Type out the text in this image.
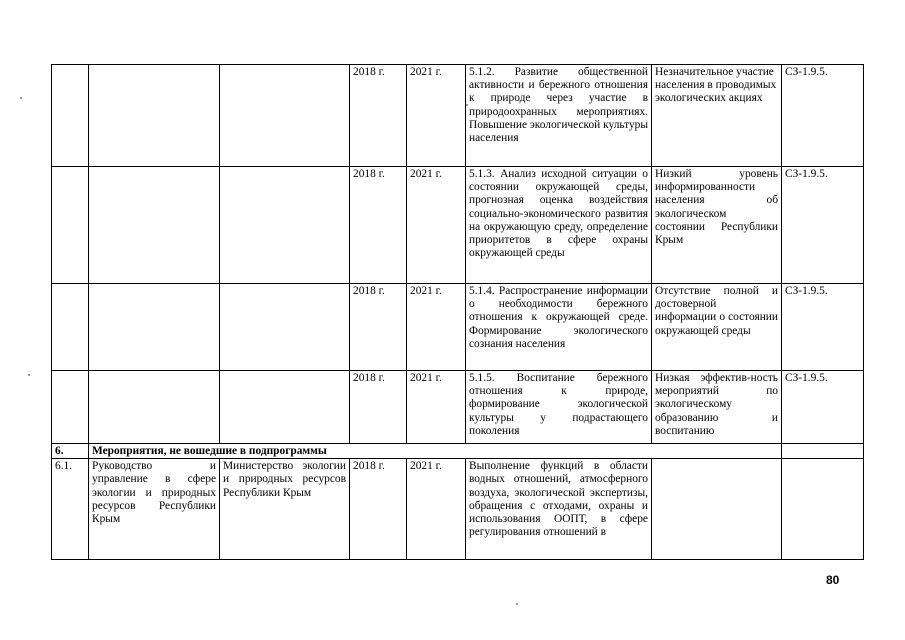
			2018 г.	2021 г.	5.1.2. Развитие общественной активности и бережного отношения к природе через участие в природоохранных мероприятиях. Повышение экологической культуры населения	Незначительное участие населения в проводимых экологических акциях	СЗ-1.9.5.
			2018 г.	2021 г.	5.1.3. Анализ исходной ситуации о состоянии окружающей среды, прогнозная оценка воздействия социально-экономического развития на окружающую среду, определение приоритетов в сфере охраны окружающей среды	Низкий уровень информированности населения об экологическом состоянии Республики Крым	СЗ-1.9.5.
			2018 г.	2021 г.	5.1.4. Распространение информации о необходимости бережного отношения к окружающей среде. Формирование экологического сознания населения	Отсутствие полной и достоверной информации о состоянии окружающей среды	СЗ-1.9.5.
			2018 г.	2021 г.	5.1.5. Воспитание бережного отношения к природе, формирование экологической культуры у подрастающего поколения	Низкая эффектив-ность мероприятий по экологическому образованию и воспитанию	СЗ-1.9.5.
6.	Мероприятия, не вошедшие в подпрограммы						
6.1.	Руководство и управление в сфере экологии и природных ресурсов Республики Крым	Министерство экологии и природных ресурсов Республики Крым	2018 г.	2021 г.	Выполнение функций в области водных отношений, атмосферного воздуха, экологической экспертизы, обращения с отходами, охраны и использования ООПТ, в сфере регулирования отношений в		
80
